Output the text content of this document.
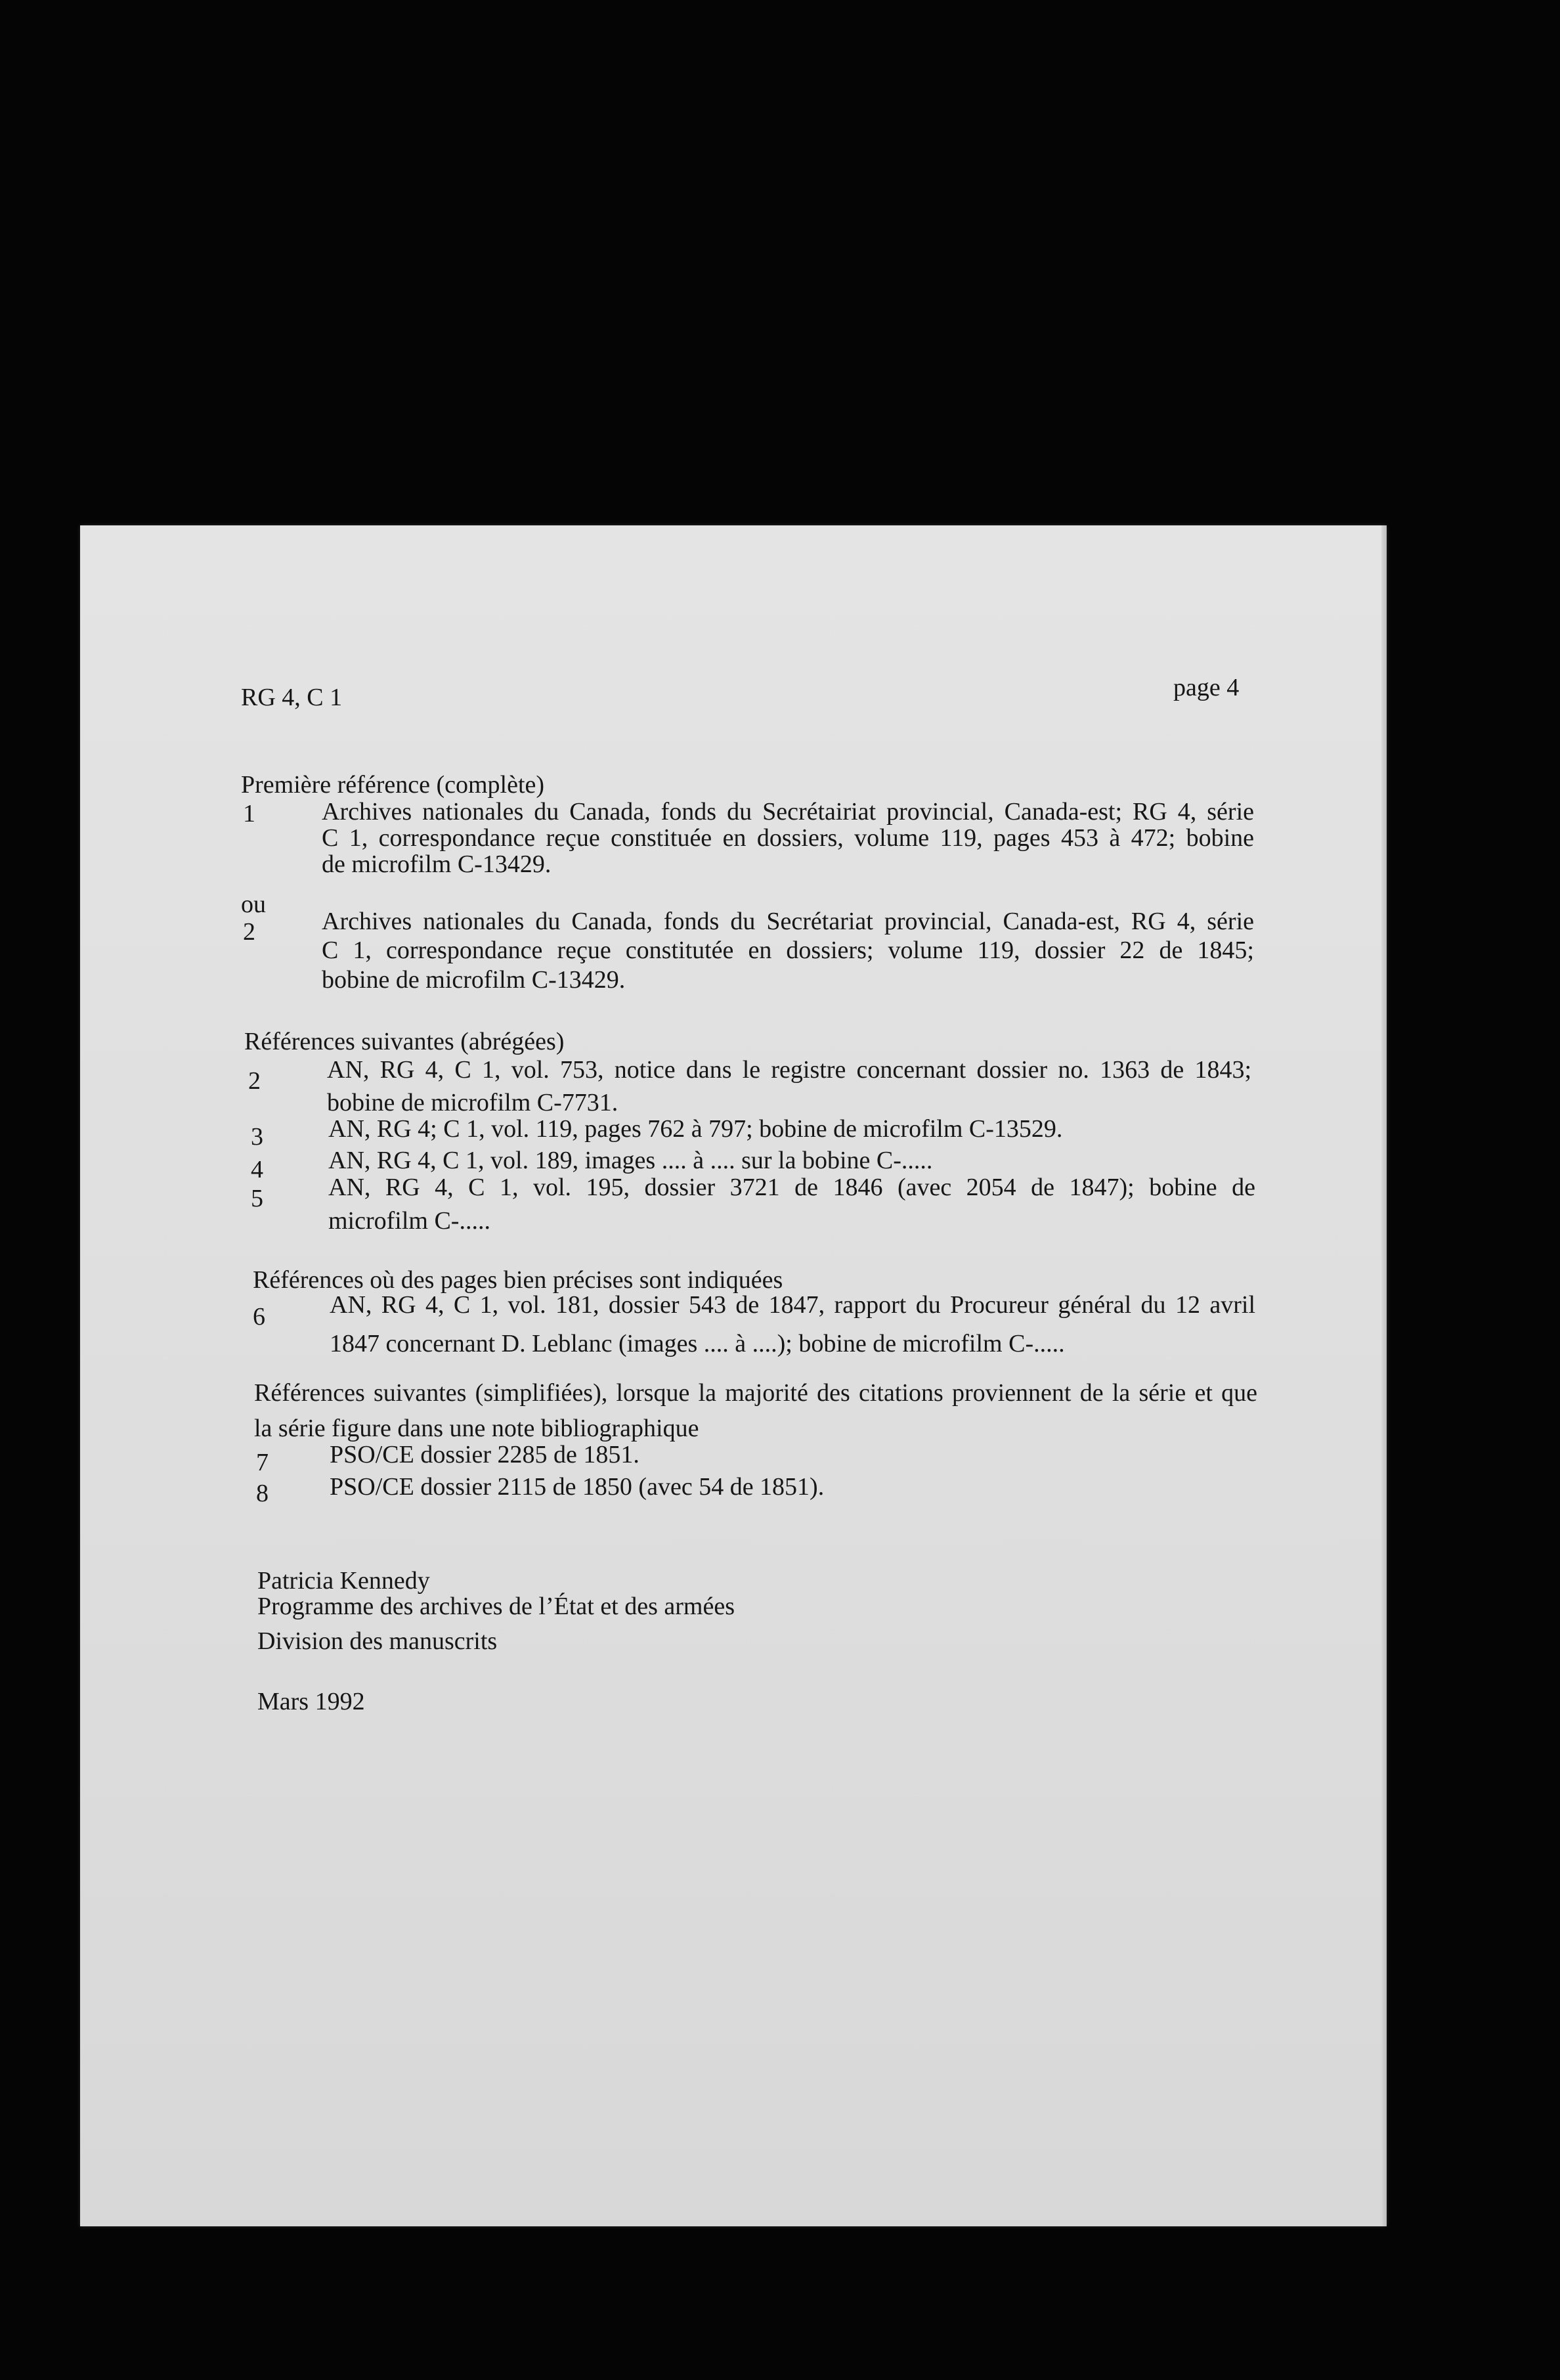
RG 4, C 1	page 4
Première référence (complète)
1	Archives nationales du Canada, fonds du Secrétairiat provincial, Canada-est; RG 4, série
C 1, correspondance reçue constituée en dossiers, volume 119, pages 453 à 472; bobine
de microfilm C-13429.
ou
2	Archives nationales du Canada, fonds du Secrétariat provincial, Canada-est, RG 4, série
C 1, correspondance reçue constitutée en dossiers; volume 119, dossier 22 de 1845;
bobine de microfilm C-13429.
Références suivantes (abrégées)
2	AN, RG 4, C 1, vol. 753, notice dans le registre concernant dossier no. 1363 de 1843;
bobine de microfilm C-7731.
3	AN, RG 4; C 1, vol. 119, pages 762 à 797; bobine de microfilm C-13529.
4	AN, RG 4, C 1, vol. 189, images .... à .... sur la bobine C-.....
5	AN, RG 4, C 1, vol. 195, dossier 3721 de 1846 (avec 2054 de 1847); bobine de
microfilm C-.....
Références où des pages bien précises sont indiquées
6	AN, RG 4, C 1, vol. 181, dossier 543 de 1847, rapport du Procureur général du 12 avril
1847 concernant D. Leblanc (images .... à ....); bobine de microfilm C-.....
Références suivantes (simplifiées), lorsque la majorité des citations proviennent de la série et que
la série figure dans une note bibliographique
7 PSO/CE dossier 2285 de 1851.
8 PSO/CE dossier 2115 de 1850 (avec 54 de 1851).
Patricia Kennedy
Programme des archives de l’État et des armées
Division des manuscrits
Mars 1992
